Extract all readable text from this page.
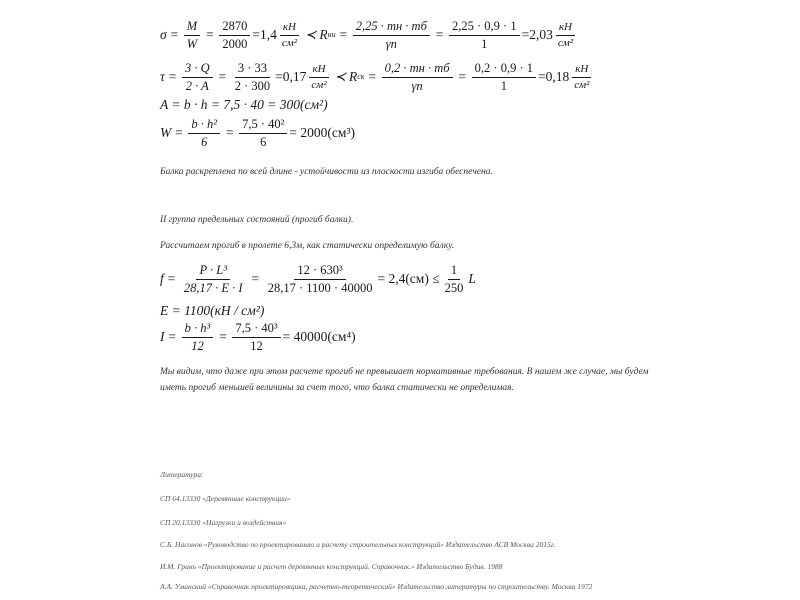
$\sigma = \frac{M}{W} = \frac{2870}{2000} =1,4 \frac{кН}{\text{см²}}$ ≺ R ни = $\frac{2,25 \cdot mн \cdot mб}{\gamma n} = \frac{2,25 \cdot 0,9 \cdot 1}{1} =2,03 \frac{кН}{\text{см²}}$
$\tau = \frac{3 \cdot Q}{2 \cdot A} = \frac{3 \cdot 33}{2 \cdot 300} =0,17 \frac{кН}{\text{см²}}$ ≺ R ск = $\frac{0,2 \cdot mн \cdot mб}{\gamma n} = \frac{0,2 \cdot 0,9 \cdot 1}{1} =0,18 \frac{кН}{\text{см²}}$
A = b · h = 7,5 · 40 = 300(см²)
$W = \frac{\text{b · h²}}{6} = \frac{\text{7,5 · 40²}}{6} = 2000(см^3)$
Балка раскреплена по всей длине - устойчивости из плоскости изгиба обеспечена.
II группа предельных состояний (прогиб балки).
Рассчитаем прогиб в пролете 6,3м, как статически определимую балку.
$f = \frac{\text{P · L³}}{28,17 \cdot E \cdot I} = \frac{\text{12 · 630³}}{28,17 \cdot 1100 \cdot 40000} = 2,4(см) \le \frac{1}{250}$ L
E = 1100(кН / см²)
$I = \frac{\text{b · h³}}{12} = \frac{\text{7,5 · 40³}}{12} = 40000(см^4)$
Мы видим, что даже при этом расчете прогиб не превышает нормативные требования. В нашем же случае, мы будем иметь прогиб меньшей величины за счет того, что балка статически не определимая.
Литература:
СП 64.13330 «Деревянные конструкции»
СП 20.13330 «Нагрузки и воздействия»
С.Б. Насонов «Руководство по проектированию и расчету строительных конструкций» Издательство АСВ Москва 2015г.
И.М. Гринь «Проектирование и расчет деревянных конструкций. Справочник.» Издательство Будив. 1988
А.А. Уманский «Справочник проектировщика, расчетно-теоретический» Издательство литературы по строительству. Москва 1972
